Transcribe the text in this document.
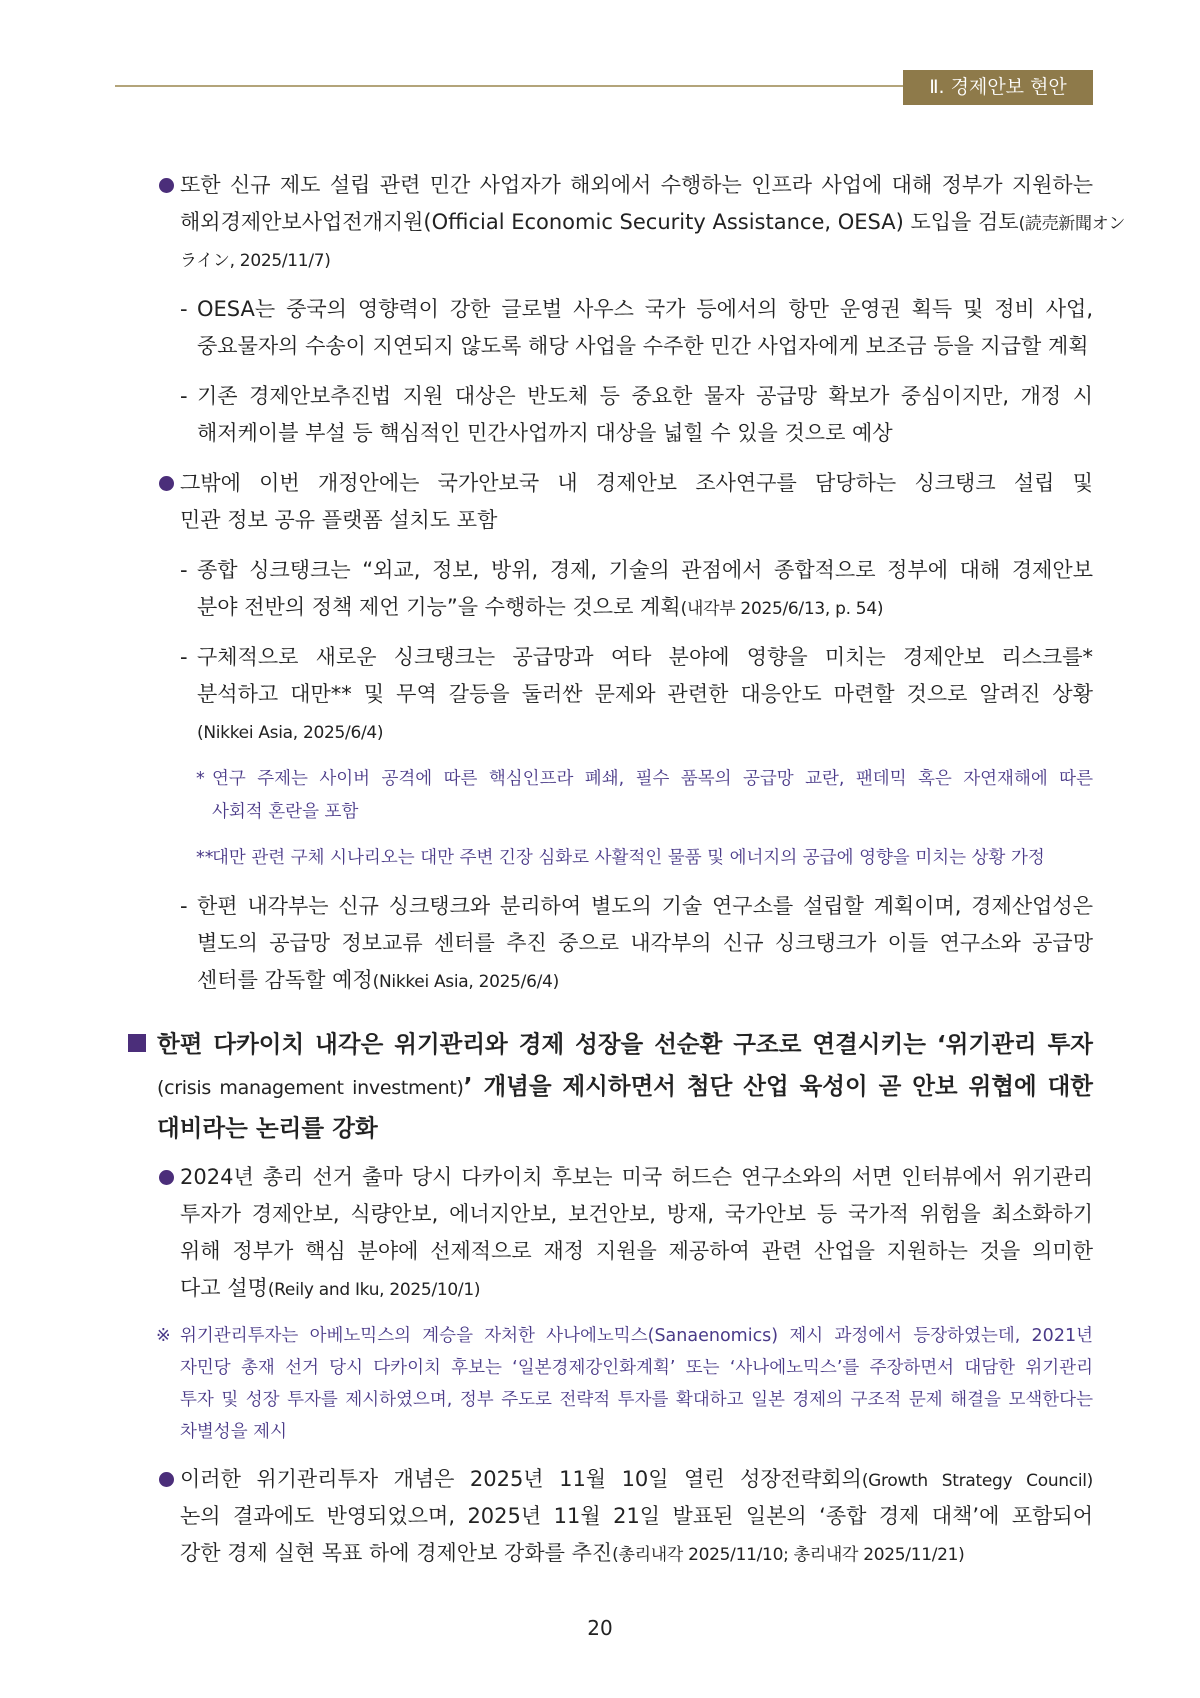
Ⅱ. 경제안보 현안
또한 신규 제도 설립 관련 민간 사업자가 해외에서 수행하는 인프라 사업에 대해 정부가 지원하는
해외경제안보사업전개지원(Official Economic Security Assistance, OESA) 도입을 검토(読売新聞オン
ライン, 2025/11/7)
- OESA는 중국의 영향력이 강한 글로벌 사우스 국가 등에서의 항만 운영권 획득 및 정비 사업,
중요물자의 수송이 지연되지 않도록 해당 사업을 수주한 민간 사업자에게 보조금 등을 지급할 계획
- 기존 경제안보추진법 지원 대상은 반도체 등 중요한 물자 공급망 확보가 중심이지만, 개정 시
해저케이블 부설 등 핵심적인 민간사업까지 대상을 넓힐 수 있을 것으로 예상
그밖에 이번 개정안에는 국가안보국 내 경제안보 조사연구를 담당하는 싱크탱크 설립 및
민관 정보 공유 플랫폼 설치도 포함
- 종합 싱크탱크는 “외교, 정보, 방위, 경제, 기술의 관점에서 종합적으로 정부에 대해 경제안보
분야 전반의 정책 제언 기능”을 수행하는 것으로 계획(내각부 2025/6/13, p. 54)
- 구체적으로 새로운 싱크탱크는 공급망과 여타 분야에 영향을 미치는 경제안보 리스크를*
분석하고 대만** 및 무역 갈등을 둘러싼 문제와 관련한 대응안도 마련할 것으로 알려진 상황
(Nikkei Asia, 2025/6/4)
* 연구 주제는 사이버 공격에 따른 핵심인프라 폐쇄, 필수 품목의 공급망 교란, 팬데믹 혹은 자연재해에 따른
사회적 혼란을 포함
**
대만 관련 구체 시나리오는 대만 주변 긴장 심화로 사활적인 물품 및 에너지의 공급에 영향을 미치는 상황 가정
- 한편 내각부는 신규 싱크탱크와 분리하여 별도의 기술 연구소를 설립할 계획이며, 경제산업성은
별도의 공급망 정보교류 센터를 추진 중으로 내각부의 신규 싱크탱크가 이들 연구소와 공급망
센터를 감독할 예정(Nikkei Asia, 2025/6/4)
한편 다카이치 내각은 위기관리와 경제 성장을 선순환 구조로 연결시키는 ‘위기관리 투자
(crisis management investment)’ 개념을 제시하면서 첨단 산업 육성이 곧 안보 위협에 대한
대비라는 논리를 강화
2024년 총리 선거 출마 당시 다카이치 후보는 미국 허드슨 연구소와의 서면 인터뷰에서 위기관리
투자가 경제안보, 식량안보, 에너지안보, 보건안보, 방재, 국가안보 등 국가적 위험을 최소화하기
위해 정부가 핵심 분야에 선제적으로 재정 지원을 제공하여 관련 산업을 지원하는 것을 의미한
다고 설명(Reily and Iku, 2025/10/1)
※ 위기관리투자는 아베노믹스의 계승을 자처한 사나에노믹스(Sanaenomics) 제시 과정에서 등장하였는데, 2021년
자민당 총재 선거 당시 다카이치 후보는 ‘일본경제강인화계획’ 또는 ‘사나에노믹스’를 주장하면서 대담한 위기관리
투자 및 성장 투자를 제시하였으며, 정부 주도로 전략적 투자를 확대하고 일본 경제의 구조적 문제 해결을 모색한다는
차별성을 제시
이러한 위기관리투자 개념은 2025년 11월 10일 열린 성장전략회의(Growth Strategy Council)
논의 결과에도 반영되었으며, 2025년 11월 21일 발표된 일본의 ‘종합 경제 대책’에 포함되어
강한 경제 실현 목표 하에 경제안보 강화를 추진(총리내각 2025/11/10; 총리내각 2025/11/21)
20
